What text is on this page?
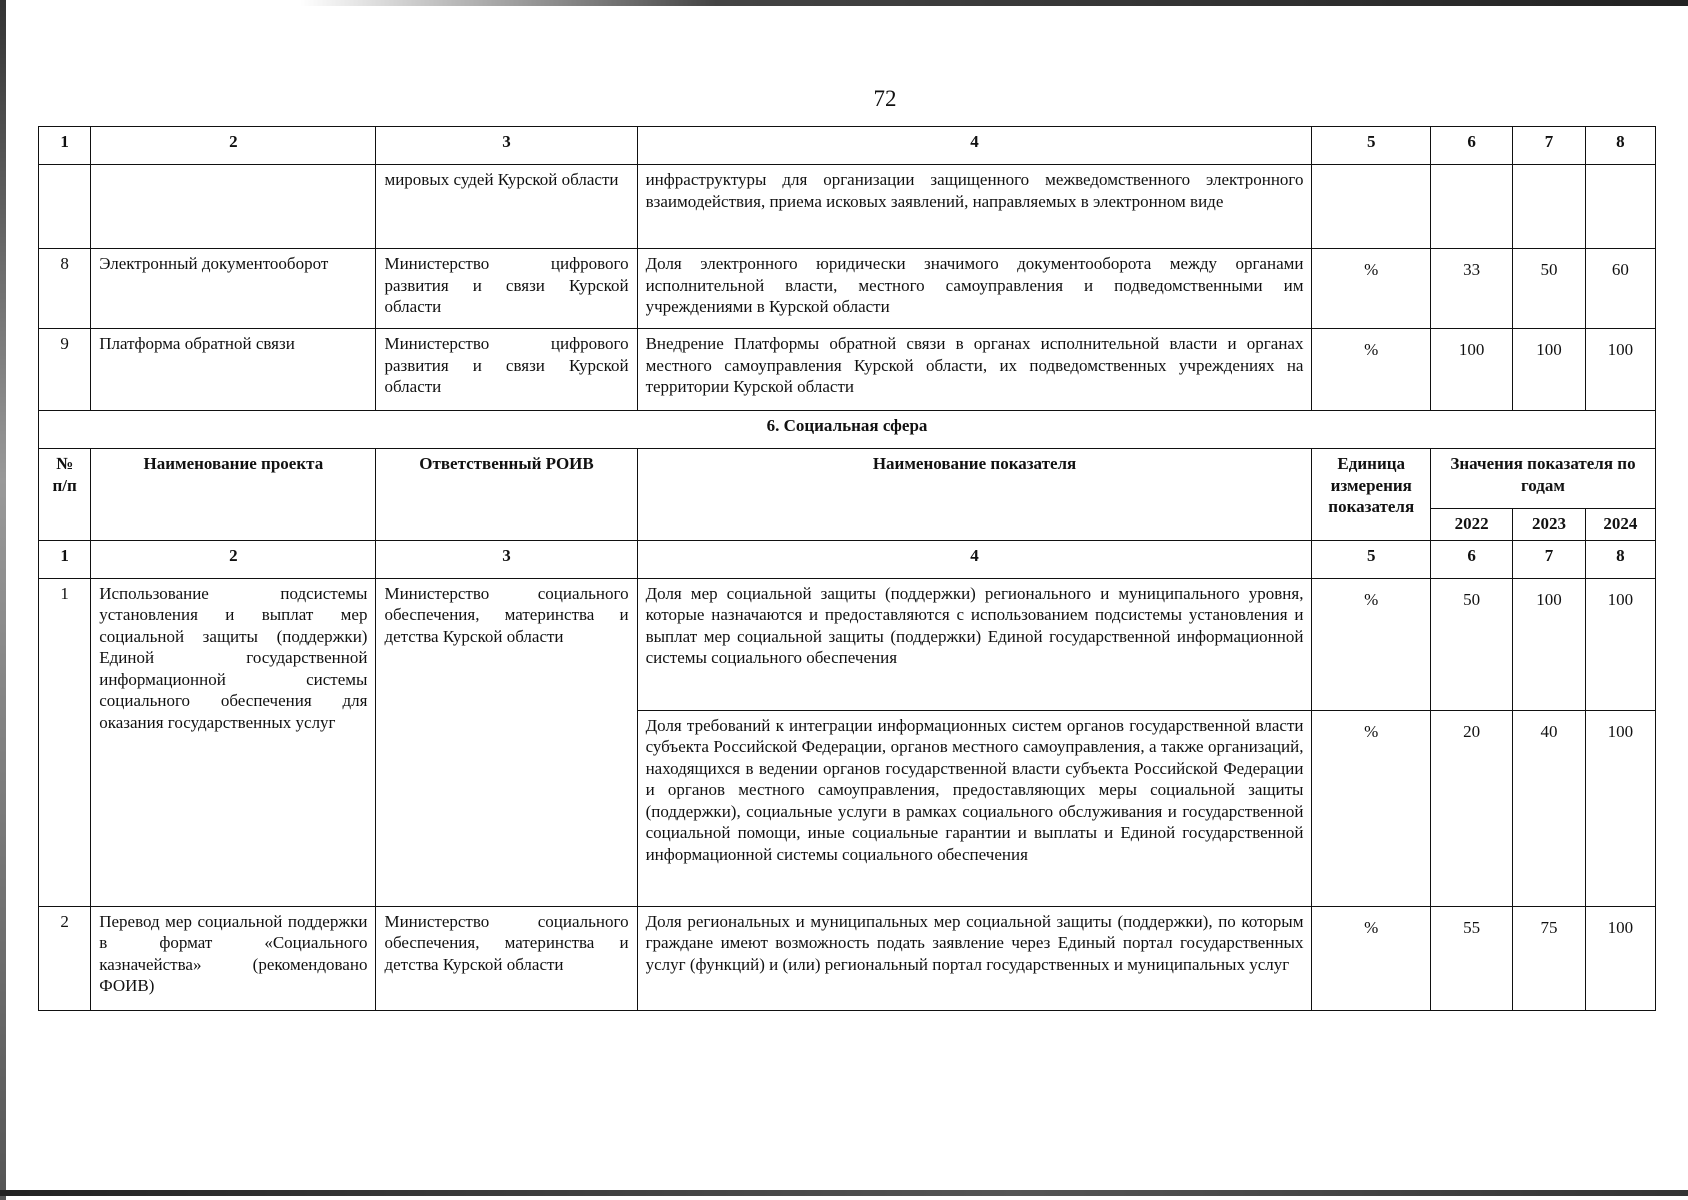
72
1	2	3	4	5	6	7	8
		мировых судей Курской области	инфраструктуры для организации защищенного межведомственного электронного взаимодействия, приема исковых заявлений, направляемых в электронном виде				
8	Электронный документооборот	Министерство цифрового развития и связи Курской области	Доля электронного юридически значимого документооборота между органами исполнительной власти, местного самоуправления и подведомственными им учреждениями в Курской области	%	33	50	60
9	Платформа обратной связи	Министерство цифрового развития и связи Курской области	Внедрение Платформы обратной связи в органах исполнительной власти и органах местного самоуправления Курской области, их подведомственных учреждениях на территории Курской области	%	100	100	100
6. Социальная сфера							
№ п/п	Наименование проекта	Ответственный РОИВ	Наименование показателя	Единица измерения показателя	Значения показателя по годам		
					2022	2023	2024
1	2	3	4	5	6	7	8
1	Использование подсистемы установления и выплат мер социальной защиты (поддержки) Единой государственной информационной системы социального обеспечения для оказания государственных услуг	Министерство социального обеспечения, материнства и детства Курской области	Доля мер социальной защиты (поддержки) регионального и муниципального уровня, которые назначаются и предоставляются с использованием подсистемы установления и выплат мер социальной защиты (поддержки) Единой государственной информационной системы социального обеспечения	%	50	100	100
			Доля требований к интеграции информационных систем органов государственной власти субъекта Российской Федерации, органов местного самоуправления, а также организаций, находящихся в ведении органов государственной власти субъекта Российской Федерации и органов местного самоуправления, предоставляющих меры социальной защиты (поддержки), социальные услуги в рамках социального обслуживания и государственной социальной помощи, иные социальные гарантии и выплаты и Единой государственной информационной системы социального обеспечения	%	20	40	100
2	Перевод мер социальной поддержки в формат «Социального казначейства» (рекомендовано ФОИВ)	Министерство социального обеспечения, материнства и детства Курской области	Доля региональных и муниципальных мер социальной защиты (поддержки), по которым граждане имеют возможность подать заявление через Единый портал государственных услуг (функций) и (или) региональный портал государственных и муниципальных услуг	%	55	75	100
